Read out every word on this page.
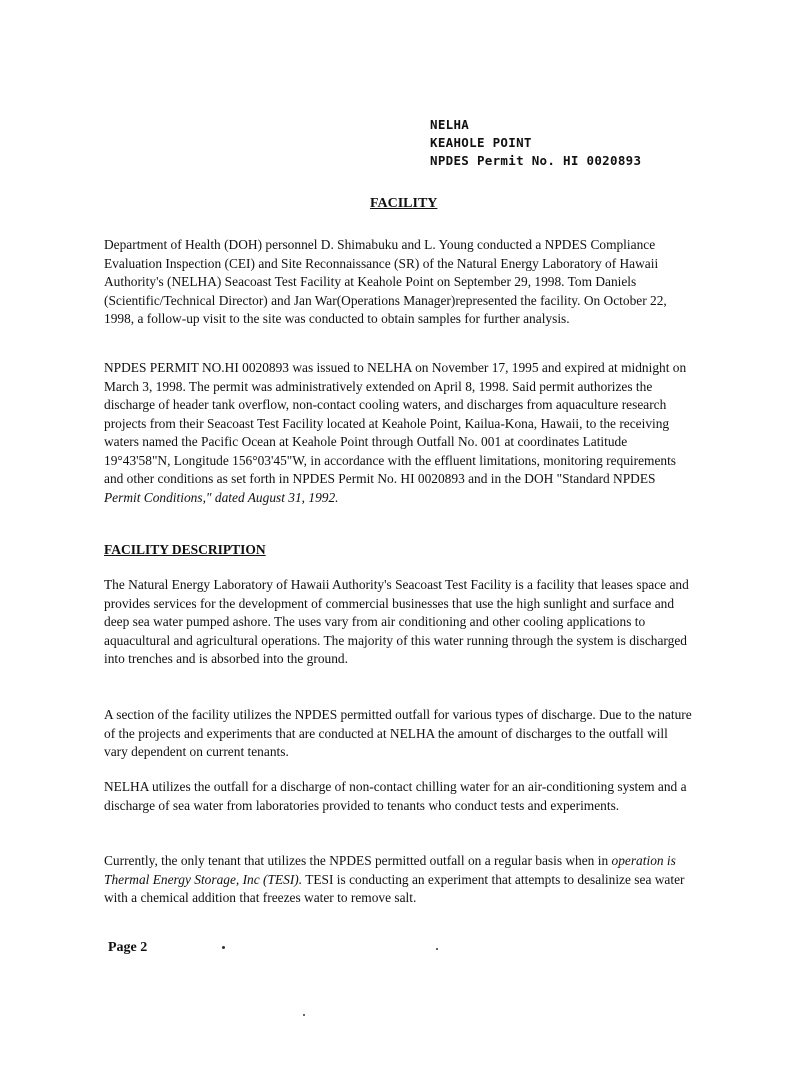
NELHA
KEAHOLE POINT
NPDES Permit No. HI 0020893
FACILITY

Department of Health (DOH) personnel D. Shimabuku and L. Young conducted a NPDES Compliance Evaluation Inspection (CEI) and Site Reconnaissance (SR) of the Natural Energy Laboratory of Hawaii Authority's (NELHA) Seacoast Test Facility at Keahole Point on September 29, 1998. Tom Daniels (Scientific/Technical Director) and Jan War(Operations Manager)represented the facility. On October 22, 1998, a follow-up visit to the site was conducted to obtain samples for further analysis.

NPDES PERMIT NO.HI 0020893 was issued to NELHA on November 17, 1995 and expired at midnight on March 3, 1998. The permit was administratively extended on April 8, 1998. Said permit authorizes the discharge of header tank overflow, non-contact cooling waters, and discharges from aquaculture research projects from their Seacoast Test Facility located at Keahole Point, Kailua-Kona, Hawaii, to the receiving waters named the Pacific Ocean at Keahole Point through Outfall No. 001 at coordinates Latitude 19°43'58"N, Longitude 156°03'45"W, in accordance with the effluent limitations, monitoring requirements and other conditions as set forth in NPDES Permit No. HI 0020893 and in the DOH "Standard NPDES Permit Conditions," dated August 31, 1992.

FACILITY DESCRIPTION

The Natural Energy Laboratory of Hawaii Authority's Seacoast Test Facility is a facility that leases space and provides services for the development of commercial businesses that use the high sunlight and surface and deep sea water pumped ashore. The uses vary from air conditioning and other cooling applications to aquacultural and agricultural operations. The majority of this water running through the system is discharged into trenches and is absorbed into the ground.

A section of the facility utilizes the NPDES permitted outfall for various types of discharge. Due to the nature of the projects and experiments that are conducted at NELHA the amount of discharges to the outfall will vary dependent on current tenants.

NELHA utilizes the outfall for a discharge of non-contact chilling water for an air-conditioning system and a discharge of sea water from laboratories provided to tenants who conduct tests and experiments.

Currently, the only tenant that utilizes the NPDES permitted outfall on a regular basis when in operation is Thermal Energy Storage, Inc (TESI). TESI is conducting an experiment that attempts to desalinize sea water with a chemical addition that freezes water to remove salt.

Page 2
